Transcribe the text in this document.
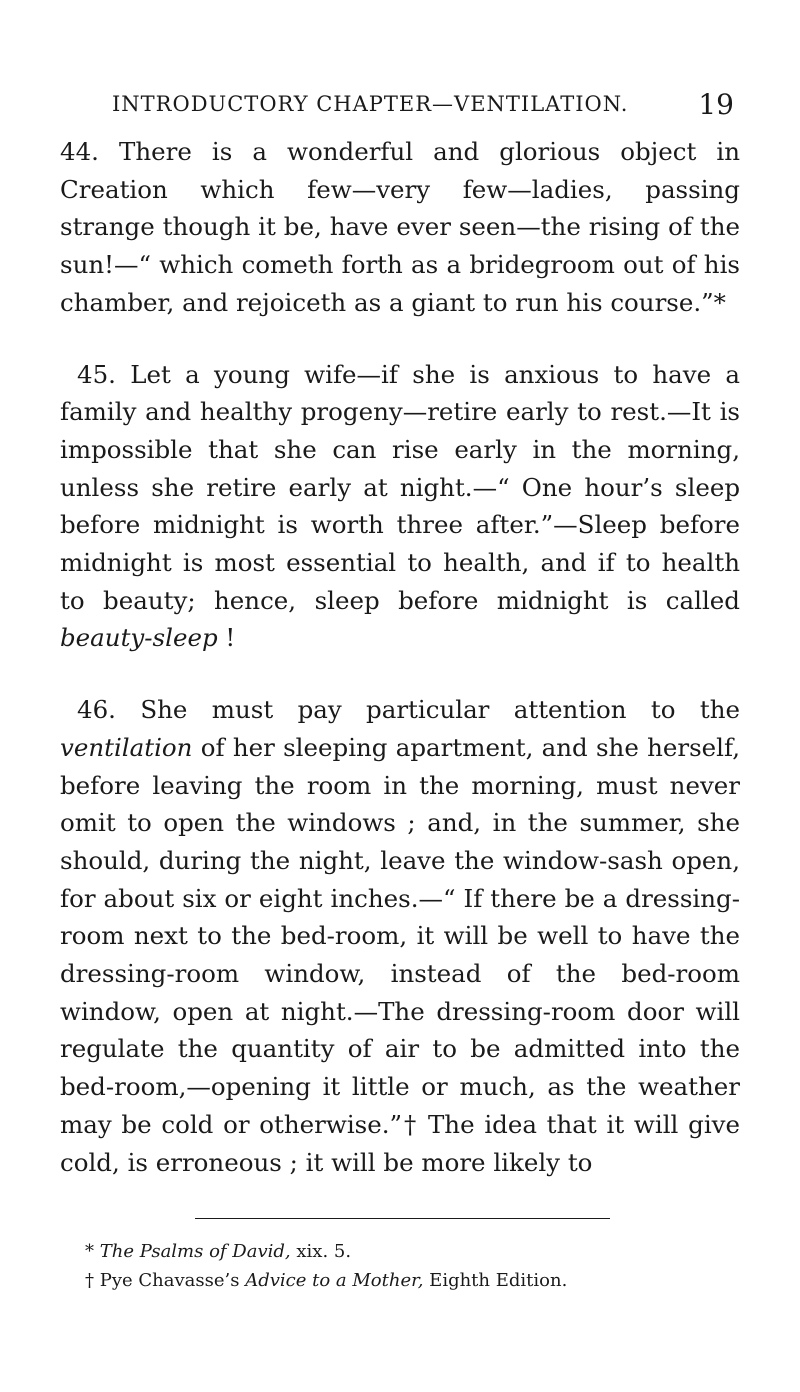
INTRODUCTORY CHAPTER—VENTILATION. 19

44. There is a wonderful and glorious object in Creation which few—very few—ladies, passing strange though it be, have ever seen—the rising of the sun!—“ which cometh forth as a bridegroom out of his chamber, and rejoiceth as a giant to run his course.”*

45. Let a young wife—if she is anxious to have a family and healthy progeny—retire early to rest.—It is impossible that she can rise early in the morning, unless she retire early at night.—“ One hour’s sleep before midnight is worth three after.”—Sleep before midnight is most essential to health, and if to health to beauty; hence, sleep before midnight is called beauty-sleep !

46. She must pay particular attention to the ventilation of her sleeping apartment, and she herself, before leaving the room in the morning, must never omit to open the windows ; and, in the summer, she should, during the night, leave the window-sash open, for about six or eight inches.—“ If there be a dressing-room next to the bed-room, it will be well to have the dressing-room window, instead of the bed-room window, open at night.—The dressing-room door will regulate the quantity of air to be admitted into the bed-room,—opening it little or much, as the weather may be cold or otherwise.”† The idea that it will give cold, is erroneous ; it will be more likely to

* The Psalms of David, xix. 5.
† Pye Chavasse’s Advice to a Mother, Eighth Edition.
